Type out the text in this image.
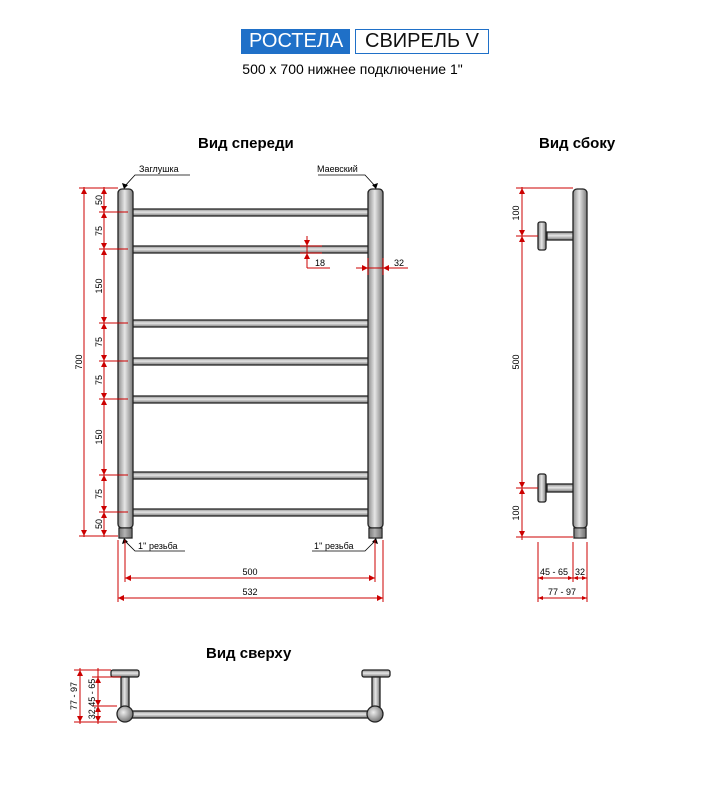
РОСТЕЛА	СВИРЕЛЬ V
500 x 700 нижнее подключение 1"
Вид спереди	Вид сбоку
Вид сверху
Заглушка	Маевский
1'' резьба	1'' резьба
50
75
150
75
75
150
75
50
700
18	32
500
532
100
500
100
45 - 65 32
77 - 97
77 - 97 32,45 - 65
